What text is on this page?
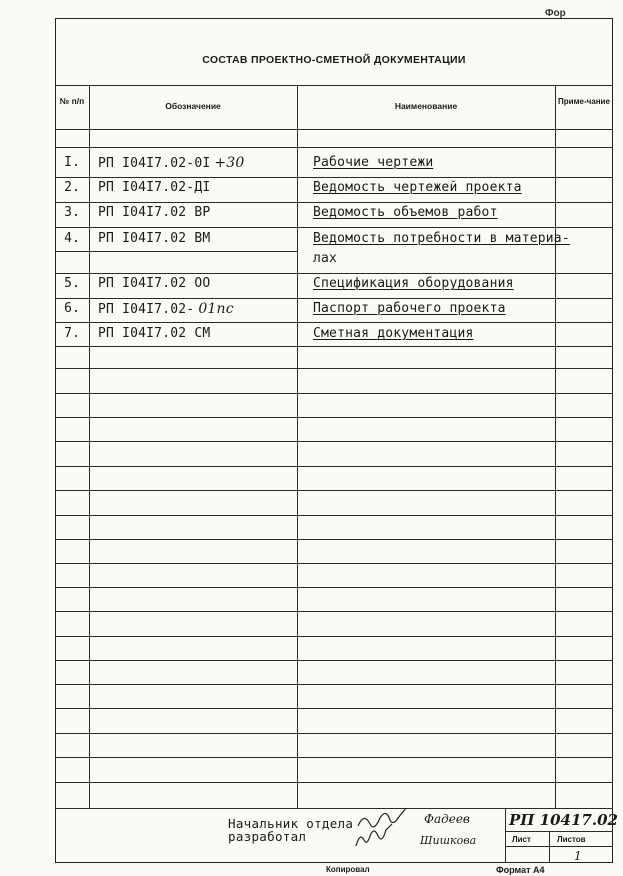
Фор
СОСТАВ ПРОЕКТНО-СМЕТНОЙ ДОКУМЕНТАЦИИ
№ п/п	Обозначение	Наименование	Приме-чание
I.	РП I04I7.02-0I +30	Рабочие чертежи
2.	РП I04I7.02-ДI	Ведомость чертежей проекта
3.	РП I04I7.02 ВР	Ведомость объемов работ
4.	РП I04I7.02 ВМ	Ведомость потребности в материа-
лах
5.	РП I04I7.02 ОО	Спецификация оборудования
6.	РП I04I7.02- 01пс	Паспорт рабочего проекта
7.	РП I04I7.02 СМ	Сметная документация
Начальник отдела
разработал
Фадеев
Шишкова
РП 10417.02
Лист	Листов
1
Копировал	Формат А4
